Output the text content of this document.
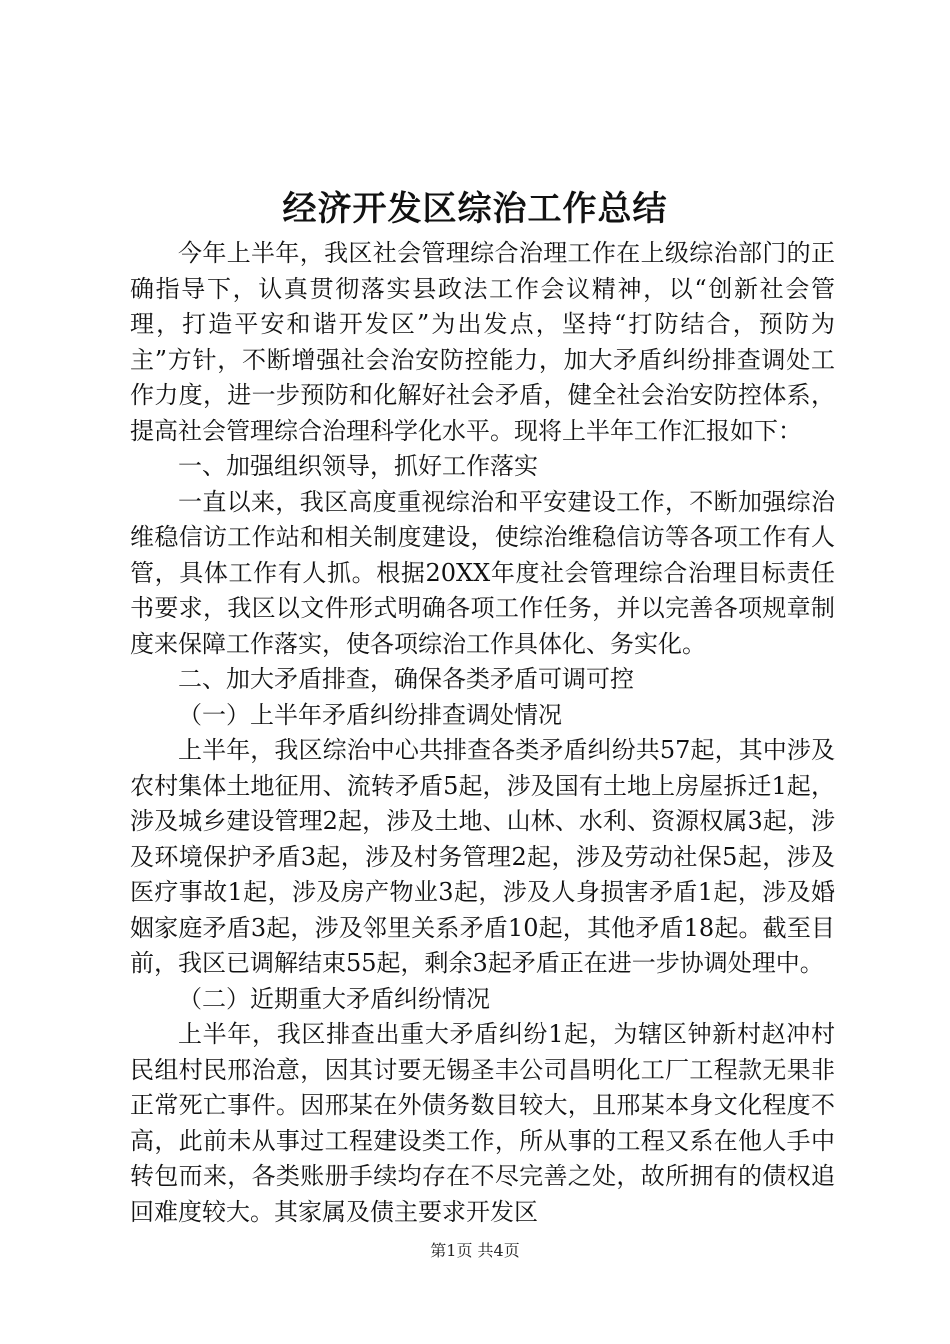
经济开发区综治工作总结

今年上半年，我区社会管理综合治理工作在上级综治部门的正确指导下，认真贯彻落实县政法工作会议精神，以“创新社会管理，打造平安和谐开发区”为出发点，坚持“打防结合，预防为主”方针，不断增强社会治安防控能力，加大矛盾纠纷排查调处工作力度，进一步预防和化解好社会矛盾，健全社会治安防控体系，提高社会管理综合治理科学化水平。现将上半年工作汇报如下：

一、加强组织领导，抓好工作落实

一直以来，我区高度重视综治和平安建设工作，不断加强综治维稳信访工作站和相关制度建设，使综治维稳信访等各项工作有人管，具体工作有人抓。根据20XX年度社会管理综合治理目标责任书要求，我区以文件形式明确各项工作任务，并以完善各项规章制度来保障工作落实，使各项综治工作具体化、务实化。

二、加大矛盾排查，确保各类矛盾可调可控

（一）上半年矛盾纠纷排查调处情况

上半年，我区综治中心共排查各类矛盾纠纷共57起，其中涉及农村集体土地征用、流转矛盾5起，涉及国有土地上房屋拆迁1起，涉及城乡建设管理2起，涉及土地、山林、水利、资源权属3起，涉及环境保护矛盾3起，涉及村务管理2起，涉及劳动社保5起，涉及医疗事故1起，涉及房产物业3起，涉及人身损害矛盾1起，涉及婚姻家庭矛盾3起，涉及邻里关系矛盾10起，其他矛盾18起。截至目前，我区已调解结束55起，剩余3起矛盾正在进一步协调处理中。

（二）近期重大矛盾纠纷情况

上半年，我区排查出重大矛盾纠纷1起，为辖区钟新村赵冲村民组村民邢治意，因其讨要无锡圣丰公司昌明化工厂工程款无果非正常死亡事件。因邢某在外债务数目较大，且邢某本身文化程度不高，此前未从事过工程建设类工作，所从事的工程又系在他人手中转包而来，各类账册手续均存在不尽完善之处，故所拥有的债权追回难度较大。其家属及债主要求开发区

第1页 共4页
